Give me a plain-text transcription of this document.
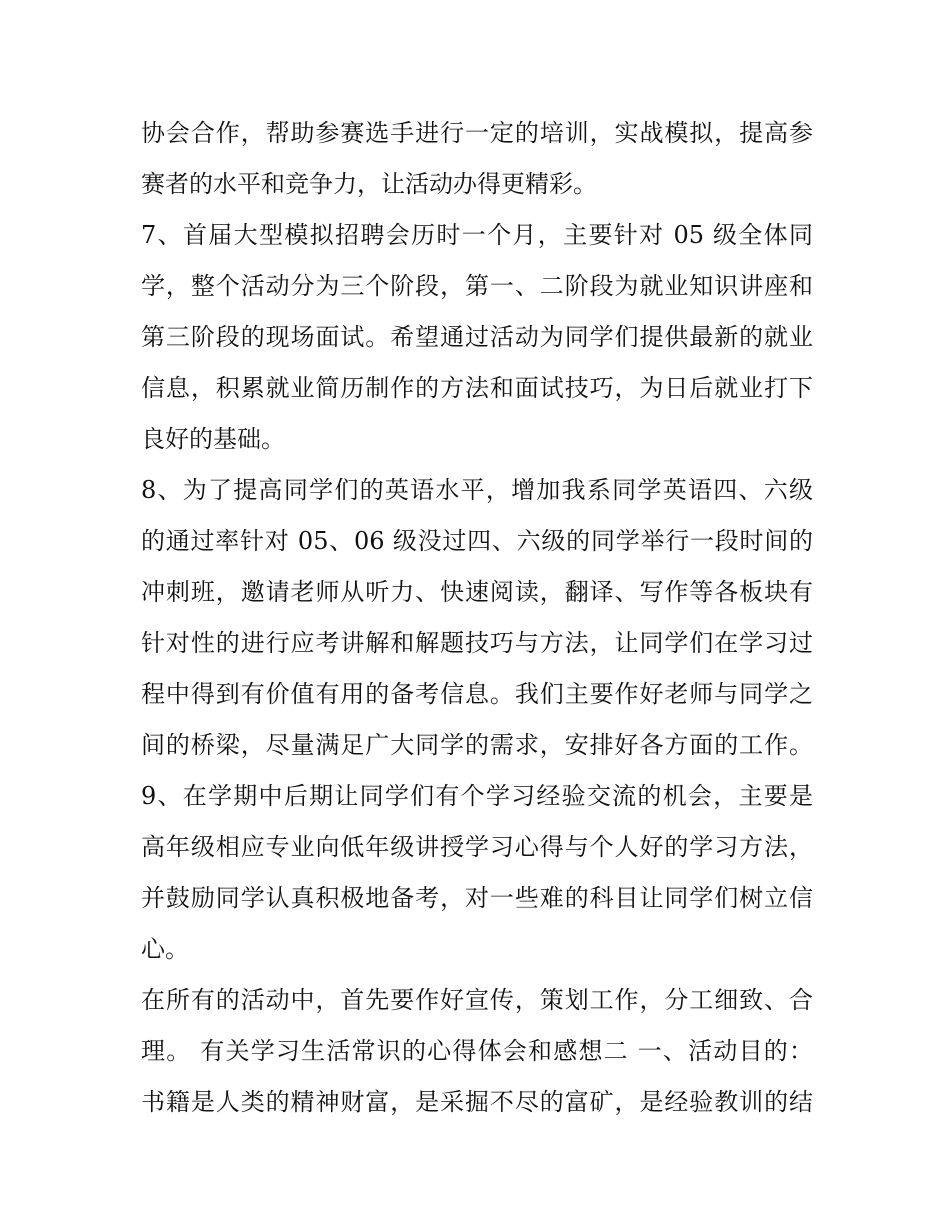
协会合作，帮助参赛选手进行一定的培训，实战模拟，提高参
赛者的水平和竞争力，让活动办得更精彩。
7、首届大型模拟招聘会历时一个月，主要针对 05 级全体同
学，整个活动分为三个阶段，第一、二阶段为就业知识讲座和
第三阶段的现场面试。希望通过活动为同学们提供最新的就业
信息，积累就业简历制作的方法和面试技巧，为日后就业打下
良好的基础。
8、为了提高同学们的英语水平，增加我系同学英语四、六级
的通过率针对 05、06 级没过四、六级的同学举行一段时间的
冲刺班，邀请老师从听力、快速阅读，翻译、写作等各板块有
针对性的进行应考讲解和解题技巧与方法，让同学们在学习过
程中得到有价值有用的备考信息。我们主要作好老师与同学之
间的桥梁，尽量满足广大同学的需求，安排好各方面的工作。
9、在学期中后期让同学们有个学习经验交流的机会，主要是
高年级相应专业向低年级讲授学习心得与个人好的学习方法，
并鼓励同学认真积极地备考，对一些难的科目让同学们树立信
心。
在所有的活动中，首先要作好宣传，策划工作，分工细致、合
理。 有关学习生活常识的心得体会和感想二 一、活动目的：
书籍是人类的精神财富，是采掘不尽的富矿，是经验教训的结
